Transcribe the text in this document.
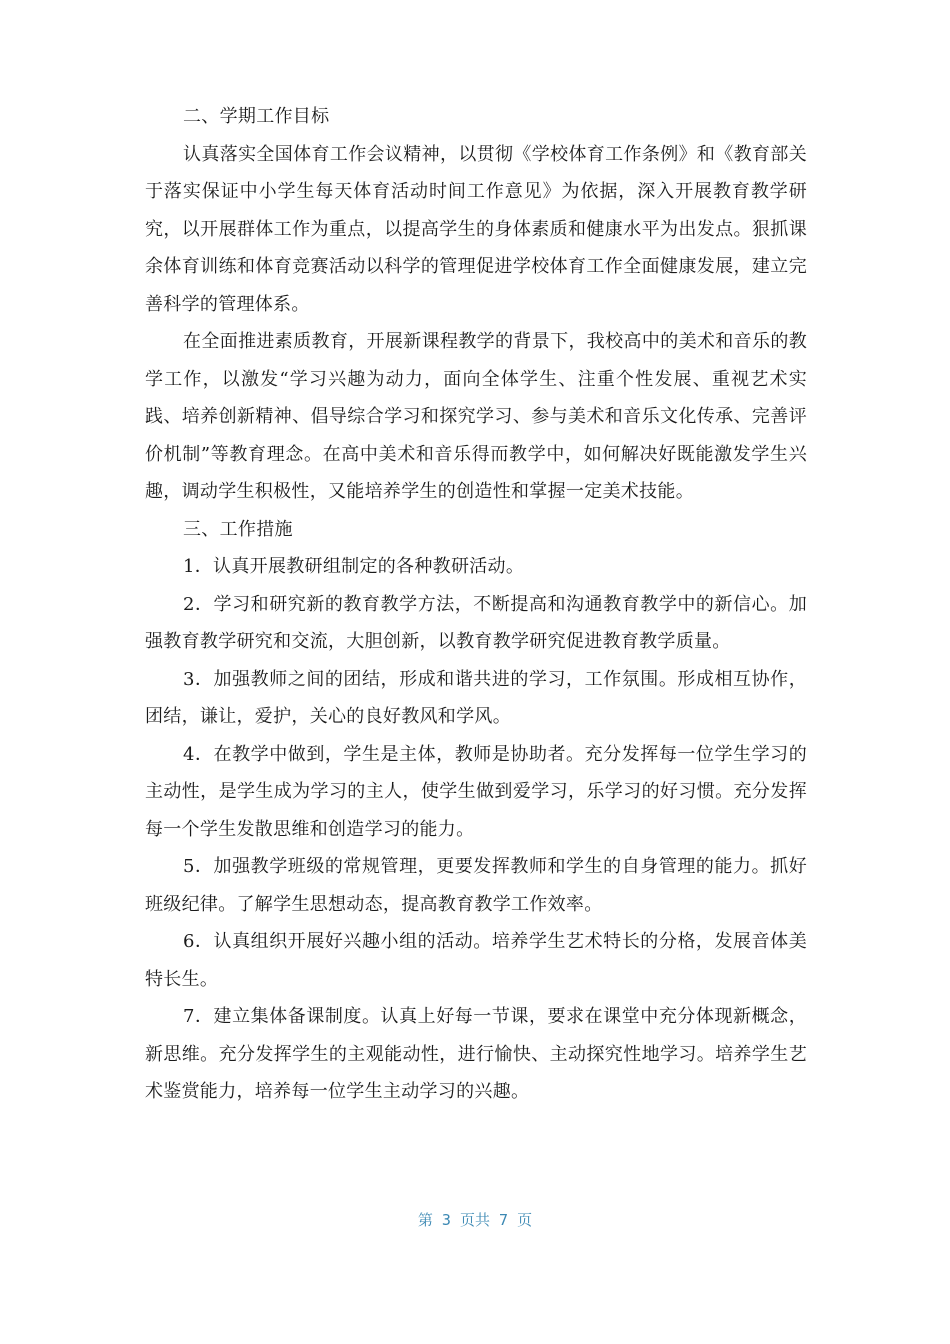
二、学期工作目标

认真落实全国体育工作会议精神，以贯彻《学校体育工作条例》和《教育部关于落实保证中小学生每天体育活动时间工作意见》为依据，深入开展教育教学研究，以开展群体工作为重点，以提高学生的身体素质和健康水平为出发点。狠抓课余体育训练和体育竞赛活动以科学的管理促进学校体育工作全面健康发展，建立完善科学的管理体系。

在全面推进素质教育，开展新课程教学的背景下，我校高中的美术和音乐的教学工作，以激发“学习兴趣为动力，面向全体学生、注重个性发展、重视艺术实践、培养创新精神、倡导综合学习和探究学习、参与美术和音乐文化传承、完善评价机制”等教育理念。在高中美术和音乐得而教学中，如何解决好既能激发学生兴趣，调动学生积极性，又能培养学生的创造性和掌握一定美术技能。

三、工作措施

1．认真开展教研组制定的各种教研活动。

2．学习和研究新的教育教学方法，不断提高和沟通教育教学中的新信心。加强教育教学研究和交流，大胆创新，以教育教学研究促进教育教学质量。

3．加强教师之间的团结，形成和谐共进的学习，工作氛围。形成相互协作，团结，谦让，爱护，关心的良好教风和学风。

4．在教学中做到，学生是主体，教师是协助者。充分发挥每一位学生学习的主动性，是学生成为学习的主人，使学生做到爱学习，乐学习的好习惯。充分发挥每一个学生发散思维和创造学习的能力。

5．加强教学班级的常规管理，更要发挥教师和学生的自身管理的能力。抓好班级纪律。了解学生思想动态，提高教育教学工作效率。

6．认真组织开展好兴趣小组的活动。培养学生艺术特长的分格，发展音体美特长生。

7．建立集体备课制度。认真上好每一节课，要求在课堂中充分体现新概念，新思维。充分发挥学生的主观能动性，进行愉快、主动探究性地学习。培养学生艺术鉴赏能力，培养每一位学生主动学习的兴趣。

第 3 页共 7 页
